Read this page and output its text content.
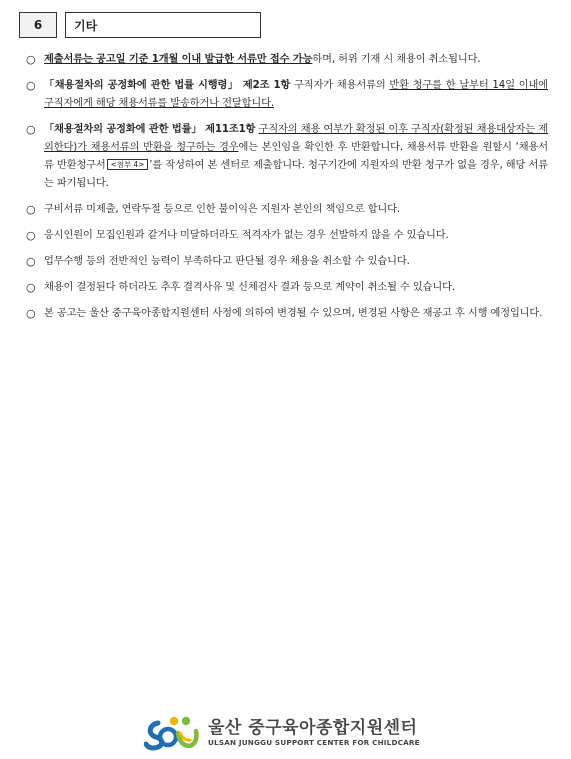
6	기타
○ 제출서류는 공고일 기준 1개월 이내 발급한 서류만 접수 가능하며, 허위 기재 시 채용이 취소됩니다.
○ 「채용절차의 공정화에 관한 법률 시행령」 제2조 1항 구직자가 채용서류의 반환 청구를 한 날부터 14일 이내에 구직자에게 해당 채용서류를 발송하거나 전달합니다.
○ 「채용절차의 공정화에 관한 법률」 제11조1항 구직자의 채용 여부가 확정된 이후 구직자(확정된 채용대상자는 제외한다)가 채용서류의 반환을 청구하는 경우에는 본인임을 확인한 후 반환합니다. 채용서류 반환을 원할시 ‘채용서류 반환청구서 <첨부 4> ’를 작성하여 본 센터로 제출합니다. 청구기간에 지원자의 반환 청구가 없을 경우, 해당 서류는 파기됩니다.
○ 구비서류 미제출, 연락두절 등으로 인한 불이익은 지원자 본인의 책임으로 합니다.
○ 응시인원이 모집인원과 같거나 미달하더라도 적격자가 없는 경우 선발하지 않을 수 있습니다.
○ 업무수행 등의 전반적인 능력이 부족하다고 판단될 경우 채용을 취소할 수 있습니다.
○ 채용이 결정된다 하더라도 추후 결격사유 및 신체검사 결과 등으로 계약이 취소될 수 있습니다.
○ 본 공고는 울산 중구육아종합지원센터 사정에 의하여 변경될 수 있으며, 변경된 사항은 재공고 후 시행 예정입니다.
울산 중구육아종합지원센터
ULSAN JUNGGU SUPPORT CENTER FOR CHILDCARE
